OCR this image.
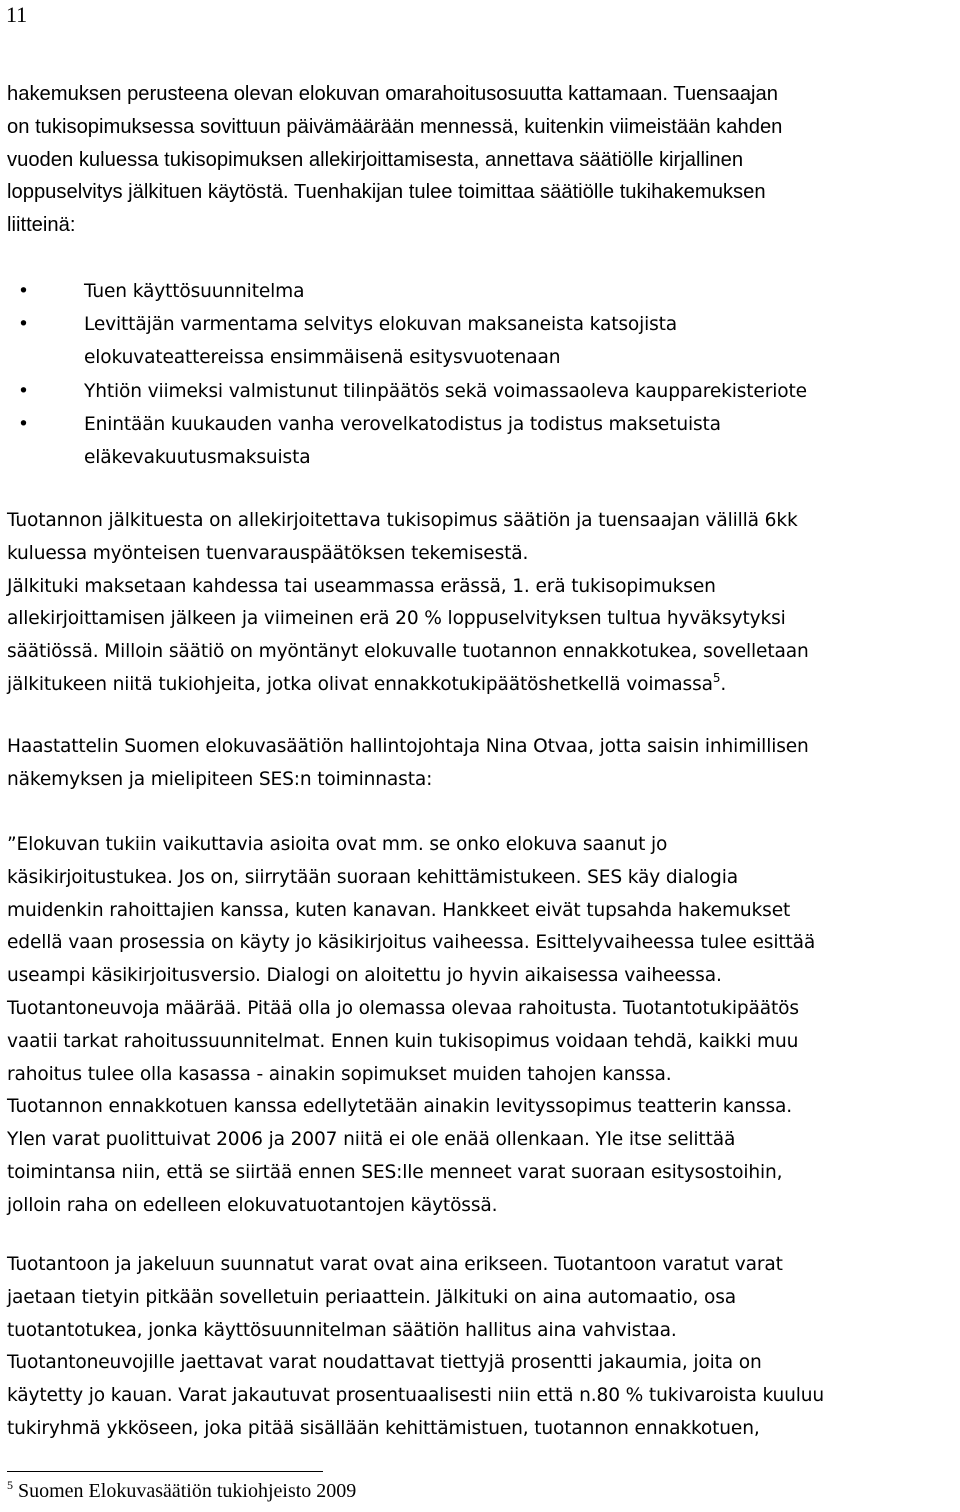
11
hakemuksen perusteena olevan elokuvan omarahoitusosuutta kattamaan. Tuensaajan
on tukisopimuksessa sovittuun päivämäärään mennessä, kuitenkin viimeistään kahden
vuoden kuluessa tukisopimuksen allekirjoittamisesta, annettava säätiölle kirjallinen
loppuselvitys jälkituen käytöstä. Tuenhakijan tulee toimittaa säätiölle tukihakemuksen
liitteinä:
•	Tuen käyttösuunnitelma
•	Levittäjän varmentama selvitys elokuvan maksaneista katsojista
elokuvateattereissa ensimmäisenä esitysvuotenaan
•	Yhtiön viimeksi valmistunut tilinpäätös sekä voimassaoleva kaupparekisteriote
•	Enintään kuukauden vanha verovelkatodistus ja todistus maksetuista
eläkevakuutusmaksuista
Tuotannon jälkituesta on allekirjoitettava tukisopimus säätiön ja tuensaajan välillä 6kk
kuluessa myönteisen tuenvarauspäätöksen tekemisestä.
Jälkituki maksetaan kahdessa tai useammassa erässä, 1. erä tukisopimuksen
allekirjoittamisen jälkeen ja viimeinen erä 20 % loppuselvityksen tultua hyväksytyksi
säätiössä. Milloin säätiö on myöntänyt elokuvalle tuotannon ennakkotukea, sovelletaan
jälkitukeen niitä tukiohjeita, jotka olivat ennakkotukipäätöshetkellä voimassa$^5$.
Haastattelin Suomen elokuvasäätiön hallintojohtaja Nina Otvaa, jotta saisin inhimillisen
näkemyksen ja mielipiteen SES:n toiminnasta:
”Elokuvan tukiin vaikuttavia asioita ovat mm. se onko elokuva saanut jo
käsikirjoitustukea. Jos on, siirrytään suoraan kehittämistukeen. SES käy dialogia
muidenkin rahoittajien kanssa, kuten kanavan. Hankkeet eivät tupsahda hakemukset
edellä vaan prosessia on käyty jo käsikirjoitus vaiheessa. Esittelyvaiheessa tulee esittää
useampi käsikirjoitusversio. Dialogi on aloitettu jo hyvin aikaisessa vaiheessa.
Tuotantoneuvoja määrää. Pitää olla jo olemassa olevaa rahoitusta. Tuotantotukipäätös
vaatii tarkat rahoitussuunnitelmat. Ennen kuin tukisopimus voidaan tehdä, kaikki muu
rahoitus tulee olla kasassa - ainakin sopimukset muiden tahojen kanssa.
Tuotannon ennakkotuen kanssa edellytetään ainakin levityssopimus teatterin kanssa.
Ylen varat puolittuivat 2006 ja 2007 niitä ei ole enää ollenkaan. Yle itse selittää
toimintansa niin, että se siirtää ennen SES:lle menneet varat suoraan esitysostoihin,
jolloin raha on edelleen elokuvatuotantojen käytössä.
Tuotantoon ja jakeluun suunnatut varat ovat aina erikseen. Tuotantoon varatut varat
jaetaan tietyin pitkään sovelletuin periaattein. Jälkituki on aina automaatio, osa
tuotantotukea, jonka käyttösuunnitelman säätiön hallitus aina vahvistaa.
Tuotantoneuvojille jaettavat varat noudattavat tiettyjä prosentti jakaumia, joita on
käytetty jo kauan. Varat jakautuvat prosentuaalisesti niin että n.80 % tukivaroista kuuluu
tukiryhmä ykköseen, joka pitää sisällään kehittämistuen, tuotannon ennakkotuen,
$^5$ Suomen Elokuvasäätiön tukiohjeisto 2009
